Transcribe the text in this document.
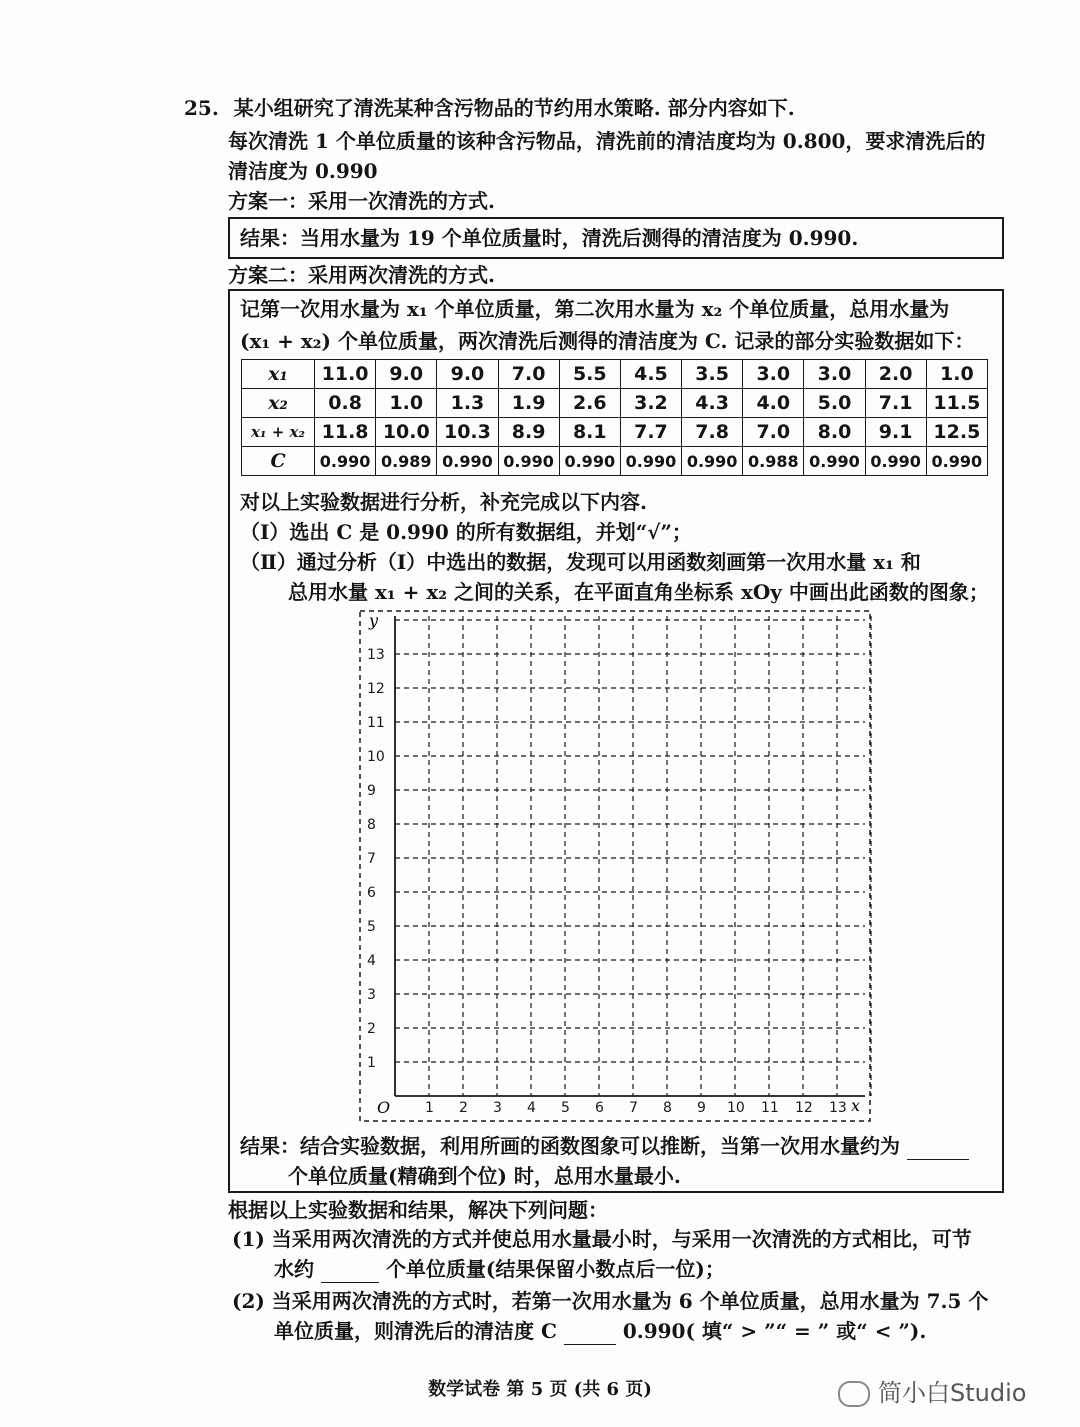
25. 某小组研究了清洗某种含污物品的节约用水策略. 部分内容如下.
每次清洗 1 个单位质量的该种含污物品，清洗前的清洁度均为 0.800，要求清洗后的
清洁度为 0.990
方案一：采用一次清洗的方式.
结果：当用水量为 19 个单位质量时，清洗后测得的清洁度为 0.990.
方案二：采用两次清洗的方式.
记第一次用水量为 x₁ 个单位质量，第二次用水量为 x₂ 个单位质量，总用水量为
(x₁ + x₂) 个单位质量，两次清洗后测得的清洁度为 C. 记录的部分实验数据如下：
x₁	11.0	9.0	9.0	7.0	5.5	4.5	3.5	3.0	3.0	2.0	1.0
x₂	0.8	1.0	1.3	1.9	2.6	3.2	4.3	4.0	5.0	7.1	11.5
x₁ + x₂	11.8	10.0	10.3	8.9	8.1	7.7	7.8	7.0	8.0	9.1	12.5
C	0.990	0.989	0.990	0.990	0.990	0.990	0.990	0.988	0.990	0.990	0.990
对以上实验数据进行分析，补充完成以下内容.
（Ⅰ）选出 C 是 0.990 的所有数据组，并划“√”；
（Ⅱ）通过分析（Ⅰ）中选出的数据，发现可以用函数刻画第一次用水量 x₁ 和
总用水量 x₁ + x₂ 之间的关系，在平面直角坐标系 xOy 中画出此函数的图象；
1
2
3
4
5
6
7
8
9
10
11
12
13
1 2 3 4 5 6 7 8 9 10 11 12 13
y
x
O
结果：结合实验数据，利用所画的函数图象可以推断，当第一次用水量约为
个单位质量(精确到个位) 时，总用水量最小.
根据以上实验数据和结果，解决下列问题：
(1) 当采用两次清洗的方式并使总用水量最小时，与采用一次清洗的方式相比，可节
水约	个单位质量(结果保留小数点后一位)；
(2) 当采用两次清洗的方式时，若第一次用水量为 6 个单位质量，总用水量为 7.5 个
单位质量，则清洗后的清洁度 C	0.990( 填“ > ”“ = ” 或“ < ”).
数学试卷 第 5 页 (共 6 页)	简小白Studio
